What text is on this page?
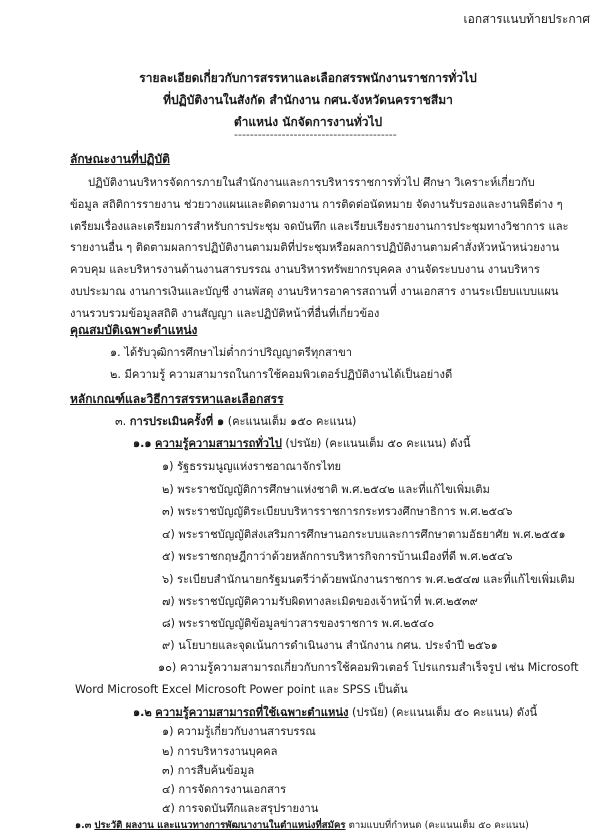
เอกสารแนบท้ายประกาศ
รายละเอียดเกี่ยวกับการสรรหาและเลือกสรรพนักงานราชการทั่วไป
ที่ปฏิบัติงานในสังกัด สำนักงาน กศน.จังหวัดนครราชสีมา
ตำแหน่ง นักจัดการงานทั่วไป
-----------------------------------------
ลักษณะงานที่ปฏิบัติ
ปฏิบัติงานบริหารจัดการภายในสำนักงานและการบริหารราชการทั่วไป ศึกษา วิเคราะห์เกี่ยวกับ
ข้อมูล สถิติการรายงาน ช่วยวางแผนและติดตามงาน การติดต่อนัดหมาย จัดงานรับรองและงานพิธีต่าง ๆ
เตรียมเรื่องและเตรียมการสำหรับการประชุม จดบันทึก และเรียบเรียงรายงานการประชุมทางวิชาการ และ
รายงานอื่น ๆ ติดตามผลการปฏิบัติงานตามมติที่ประชุมหรือผลการปฏิบัติงานตามคำสั่งหัวหน้าหน่วยงาน
ควบคุม และบริหารงานด้านงานสารบรรณ งานบริหารทรัพยากรบุคคล งานจัดระบบงาน งานบริหาร
งบประมาณ งานการเงินและบัญชี งานพัสดุ งานบริหารอาคารสถานที่ งานเอกสาร งานระเบียบแบบแผน
งานรวบรวมข้อมูลสถิติ งานสัญญา และปฏิบัติหน้าที่อื่นที่เกี่ยวข้อง
คุณสมบัติเฉพาะตำแหน่ง
๑. ได้รับวุฒิการศึกษาไม่ต่ำกว่าปริญญาตรีทุกสาขา
๒. มีความรู้ ความสามารถในการใช้คอมพิวเตอร์ปฏิบัติงานได้เป็นอย่างดี
หลักเกณฑ์และวิธีการสรรหาและเลือกสรร
๓. การประเมินครั้งที่ ๑ (คะแนนเต็ม ๑๕๐ คะแนน)
๑.๑ ความรู้ความสามารถทั่วไป (ปรนัย) (คะแนนเต็ม ๕๐ คะแนน) ดังนี้
๑) รัฐธรรมนูญแห่งราชอาณาจักรไทย
๒) พระราชบัญญัติการศึกษาแห่งชาติ พ.ศ.๒๕๔๒ และที่แก้ไขเพิ่มเติม
๓) พระราชบัญญัติระเบียบบริหารราชการกระทรวงศึกษาธิการ พ.ศ.๒๕๔๖
๔) พระราชบัญญัติส่งเสริมการศึกษานอกระบบและการศึกษาตามอัธยาศัย พ.ศ.๒๕๕๑
๕) พระราชกฤษฎีกาว่าด้วยหลักการบริหารกิจการบ้านเมืองที่ดี พ.ศ.๒๕๔๖
๖) ระเบียบสำนักนายกรัฐมนตรีว่าด้วยพนักงานราชการ พ.ศ.๒๕๔๗ และที่แก้ไขเพิ่มเติม
๗) พระราชบัญญัติความรับผิดทางละเมิดของเจ้าหน้าที่ พ.ศ.๒๕๓๙
๘) พระราชบัญญัติข้อมูลข่าวสารของราชการ พ.ศ.๒๕๔๐
๙) นโยบายและจุดเน้นการดำเนินงาน สำนักงาน กศน. ประจำปี ๒๕๖๑
๑๐) ความรู้ความสามารถเกี่ยวกับการใช้คอมพิวเตอร์ โปรแกรมสำเร็จรูป เช่น Microsoft
Word Microsoft Excel Microsoft Power point และ SPSS เป็นต้น
๑.๒ ความรู้ความสามารถที่ใช้เฉพาะตำแหน่ง (ปรนัย) (คะแนนเต็ม ๕๐ คะแนน) ดังนี้
๑) ความรู้เกี่ยวกับงานสารบรรณ
๒) การบริหารงานบุคคล
๓) การสืบค้นข้อมูล
๔) การจัดการงานเอกสาร
๕) การจดบันทึกและสรุปรายงาน
๑.๓ ประวัติ ผลงาน และแนวทางการพัฒนางานในตำแหน่งที่สมัคร ตามแบบที่กำหนด (คะแนนเต็ม ๕๐ คะแนน)
